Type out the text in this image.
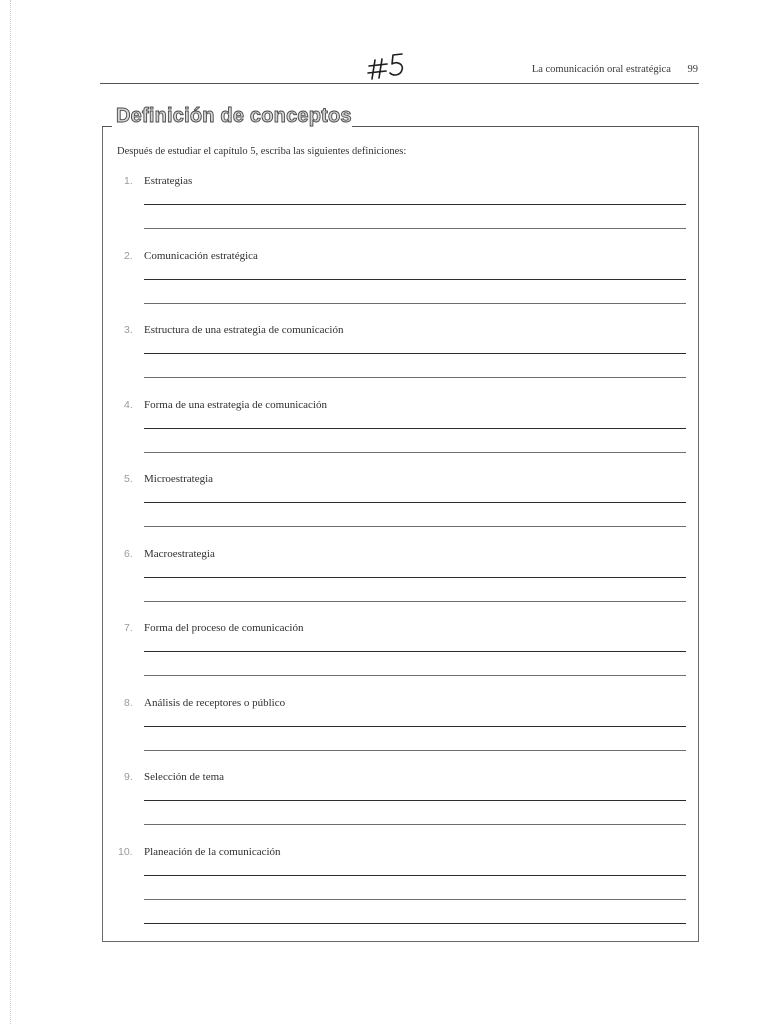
La comunicación oral estratégica 99
Definición de conceptos
Después de estudiar el capítulo 5, escriba las siguientes definiciones:
1. Estrategias
2. Comunicación estratégica
3. Estructura de una estrategia de comunicación
4. Forma de una estrategia de comunicación
5. Microestrategia
6. Macroestrategia
7. Forma del proceso de comunicación
8. Análisis de receptores o público
9. Selección de tema
10. Planeación de la comunicación
